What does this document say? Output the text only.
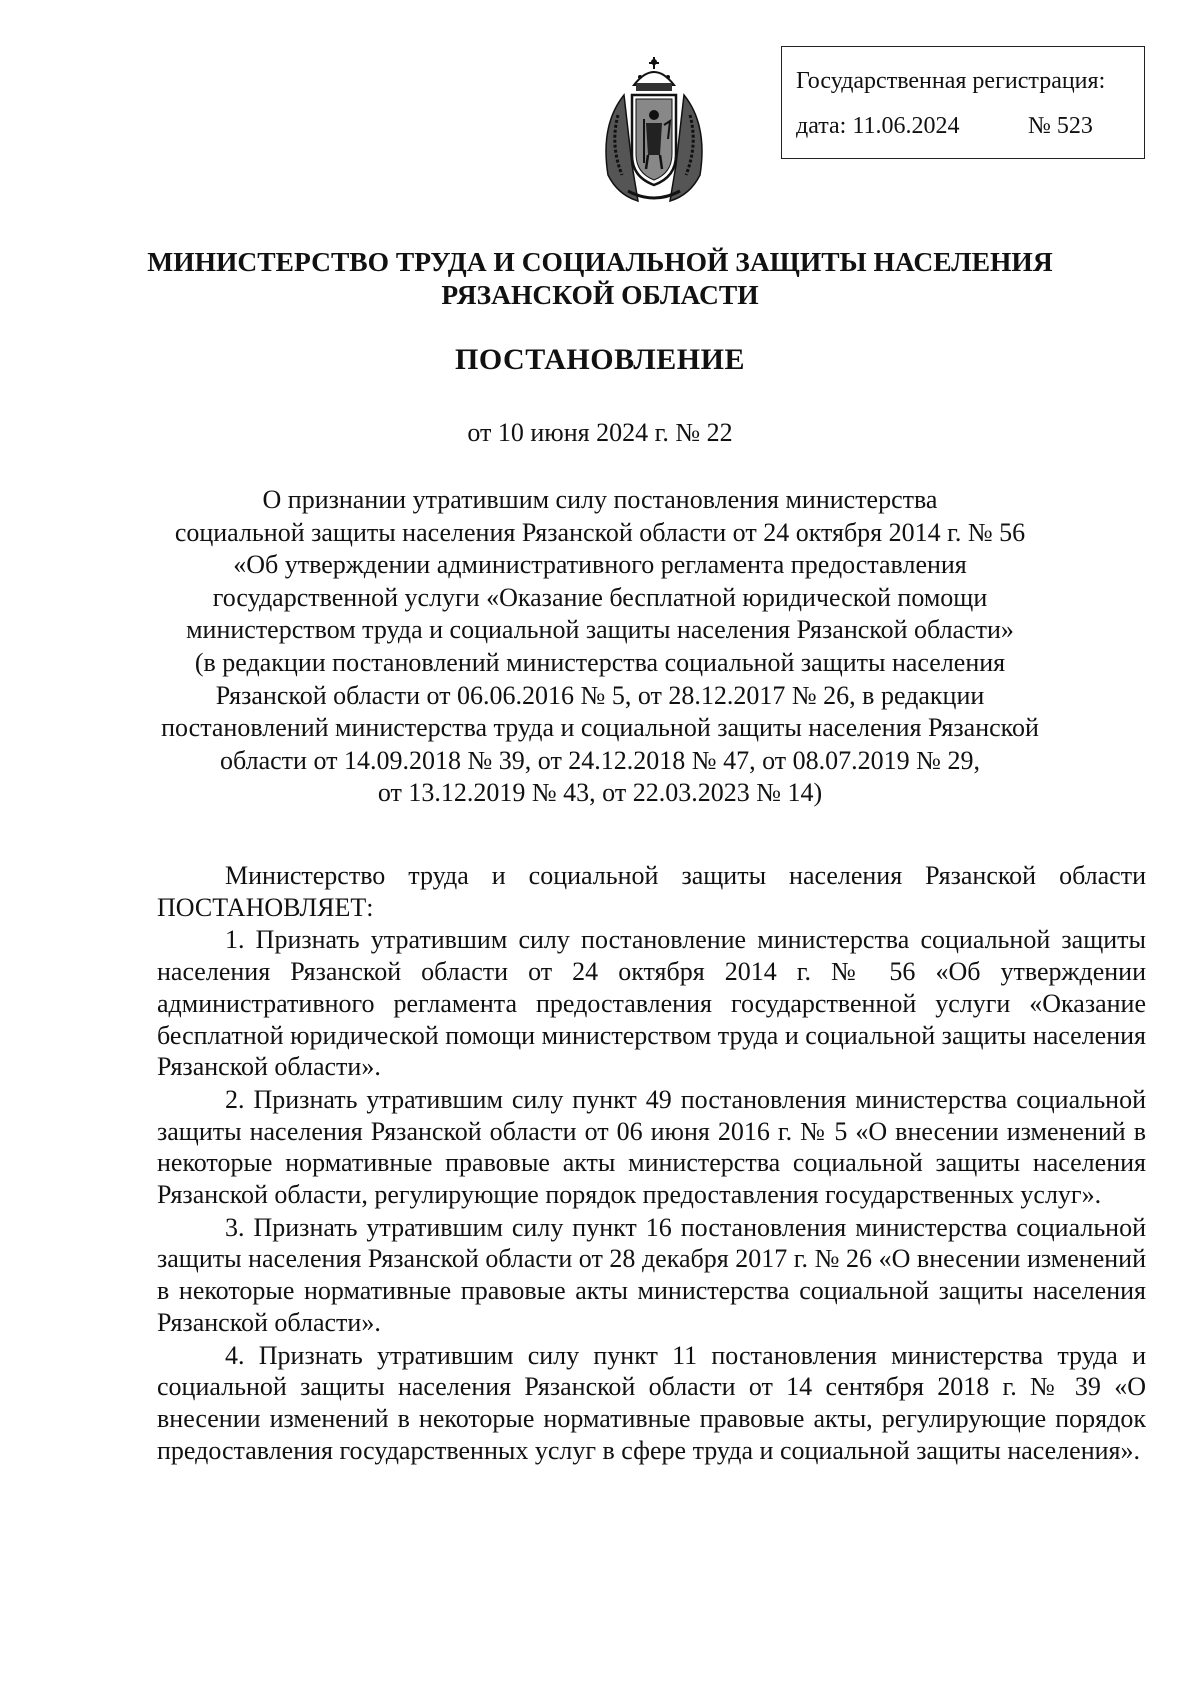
Государственная регистрация:
дата: 11.06.2024	№ 523
МИНИСТЕРСТВО ТРУДА И СОЦИАЛЬНОЙ ЗАЩИТЫ НАСЕЛЕНИЯ
РЯЗАНСКОЙ ОБЛАСТИ
ПОСТАНОВЛЕНИЕ
от 10 июня 2024 г. № 22
О признании утратившим силу постановления министерства
социальной защиты населения Рязанской области от 24 октября 2014 г. № 56
«Об утверждении административного регламента предоставления
государственной услуги «Оказание бесплатной юридической помощи
министерством труда и социальной защиты населения Рязанской области»
(в редакции постановлений министерства социальной защиты населения
Рязанской области от 06.06.2016 № 5, от 28.12.2017 № 26, в редакции
постановлений министерства труда и социальной защиты населения Рязанской
области от 14.09.2018 № 39, от 24.12.2018 № 47, от 08.07.2019 № 29,
от 13.12.2019 № 43, от 22.03.2023 № 14)

Министерство труда и социальной защиты населения Рязанской области ПОСТАНОВЛЯЕТ:

1. Признать утратившим силу постановление министерства социальной защиты населения Рязанской области от 24 октября 2014 г. № 56 «Об утверждении административного регламента предоставления государственной услуги «Оказание бесплатной юридической помощи министерством труда и социальной защиты населения Рязанской области».

2. Признать утратившим силу пункт 49 постановления министерства социальной защиты населения Рязанской области от 06 июня 2016 г. № 5 «О внесении изменений в некоторые нормативные правовые акты министерства социальной защиты населения Рязанской области, регулирующие порядок предоставления государственных услуг».

3. Признать утратившим силу пункт 16 постановления министерства социальной защиты населения Рязанской области от 28 декабря 2017 г. № 26 «О внесении изменений в некоторые нормативные правовые акты министерства социальной защиты населения Рязанской области».

4. Признать утратившим силу пункт 11 постановления министерства труда и социальной защиты населения Рязанской области от 14 сентября 2018 г. № 39 «О внесении изменений в некоторые нормативные правовые акты, регулирующие порядок предоставления государственных услуг в сфере труда и социальной защиты населения».
